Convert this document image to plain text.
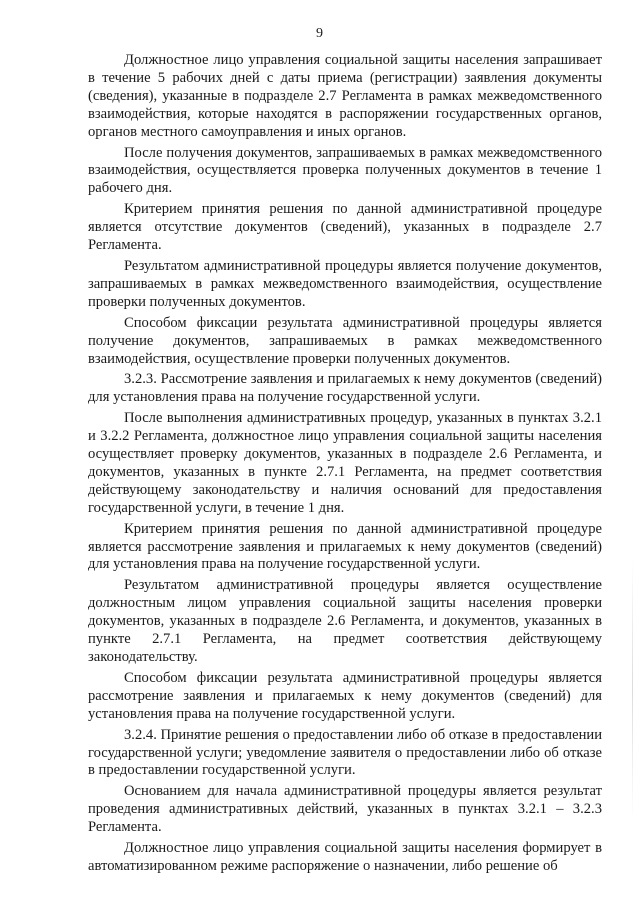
9

Должностное лицо управления социальной защиты населения запрашивает в течение 5 рабочих дней с даты приема (регистрации) заявления документы (сведения), указанные в подразделе 2.7 Регламента в рамках межведомственного взаимодействия, которые находятся в распоряжении государственных органов, органов местного самоуправления и иных органов.

После получения документов, запрашиваемых в рамках межведомственного взаимодействия, осуществляется проверка полученных документов в течение 1 рабочего дня.

Критерием принятия решения по данной административной процедуре является отсутствие документов (сведений), указанных в подразделе 2.7 Регламента.

Результатом административной процедуры является получение документов, запрашиваемых в рамках межведомственного взаимодействия, осуществление проверки полученных документов.

Способом фиксации результата административной процедуры является получение документов, запрашиваемых в рамках межведомственного взаимодействия, осуществление проверки полученных документов.

3.2.3. Рассмотрение заявления и прилагаемых к нему документов (сведений) для установления права на получение государственной услуги.

После выполнения административных процедур, указанных в пунктах 3.2.1 и 3.2.2 Регламента, должностное лицо управления социальной защиты населения осуществляет проверку документов, указанных в подразделе 2.6 Регламента, и документов, указанных в пункте 2.7.1 Регламента, на предмет соответствия действующему законодательству и наличия оснований для предоставления государственной услуги, в течение 1 дня.

Критерием принятия решения по данной административной процедуре является рассмотрение заявления и прилагаемых к нему документов (сведений) для установления права на получение государственной услуги.

Результатом административной процедуры является осуществление должностным лицом управления социальной защиты населения проверки документов, указанных в подразделе 2.6 Регламента, и документов, указанных в пункте 2.7.1 Регламента, на предмет соответствия действующему законодательству.

Способом фиксации результата административной процедуры является рассмотрение заявления и прилагаемых к нему документов (сведений) для установления права на получение государственной услуги.

3.2.4. Принятие решения о предоставлении либо об отказе в предоставлении государственной услуги; уведомление заявителя о предоставлении либо об отказе в предоставлении государственной услуги.

Основанием для начала административной процедуры является результат проведения административных действий, указанных в пунктах 3.2.1 – 3.2.3 Регламента.

Должностное лицо управления социальной защиты населения формирует в автоматизированном режиме распоряжение о назначении, либо решение об
